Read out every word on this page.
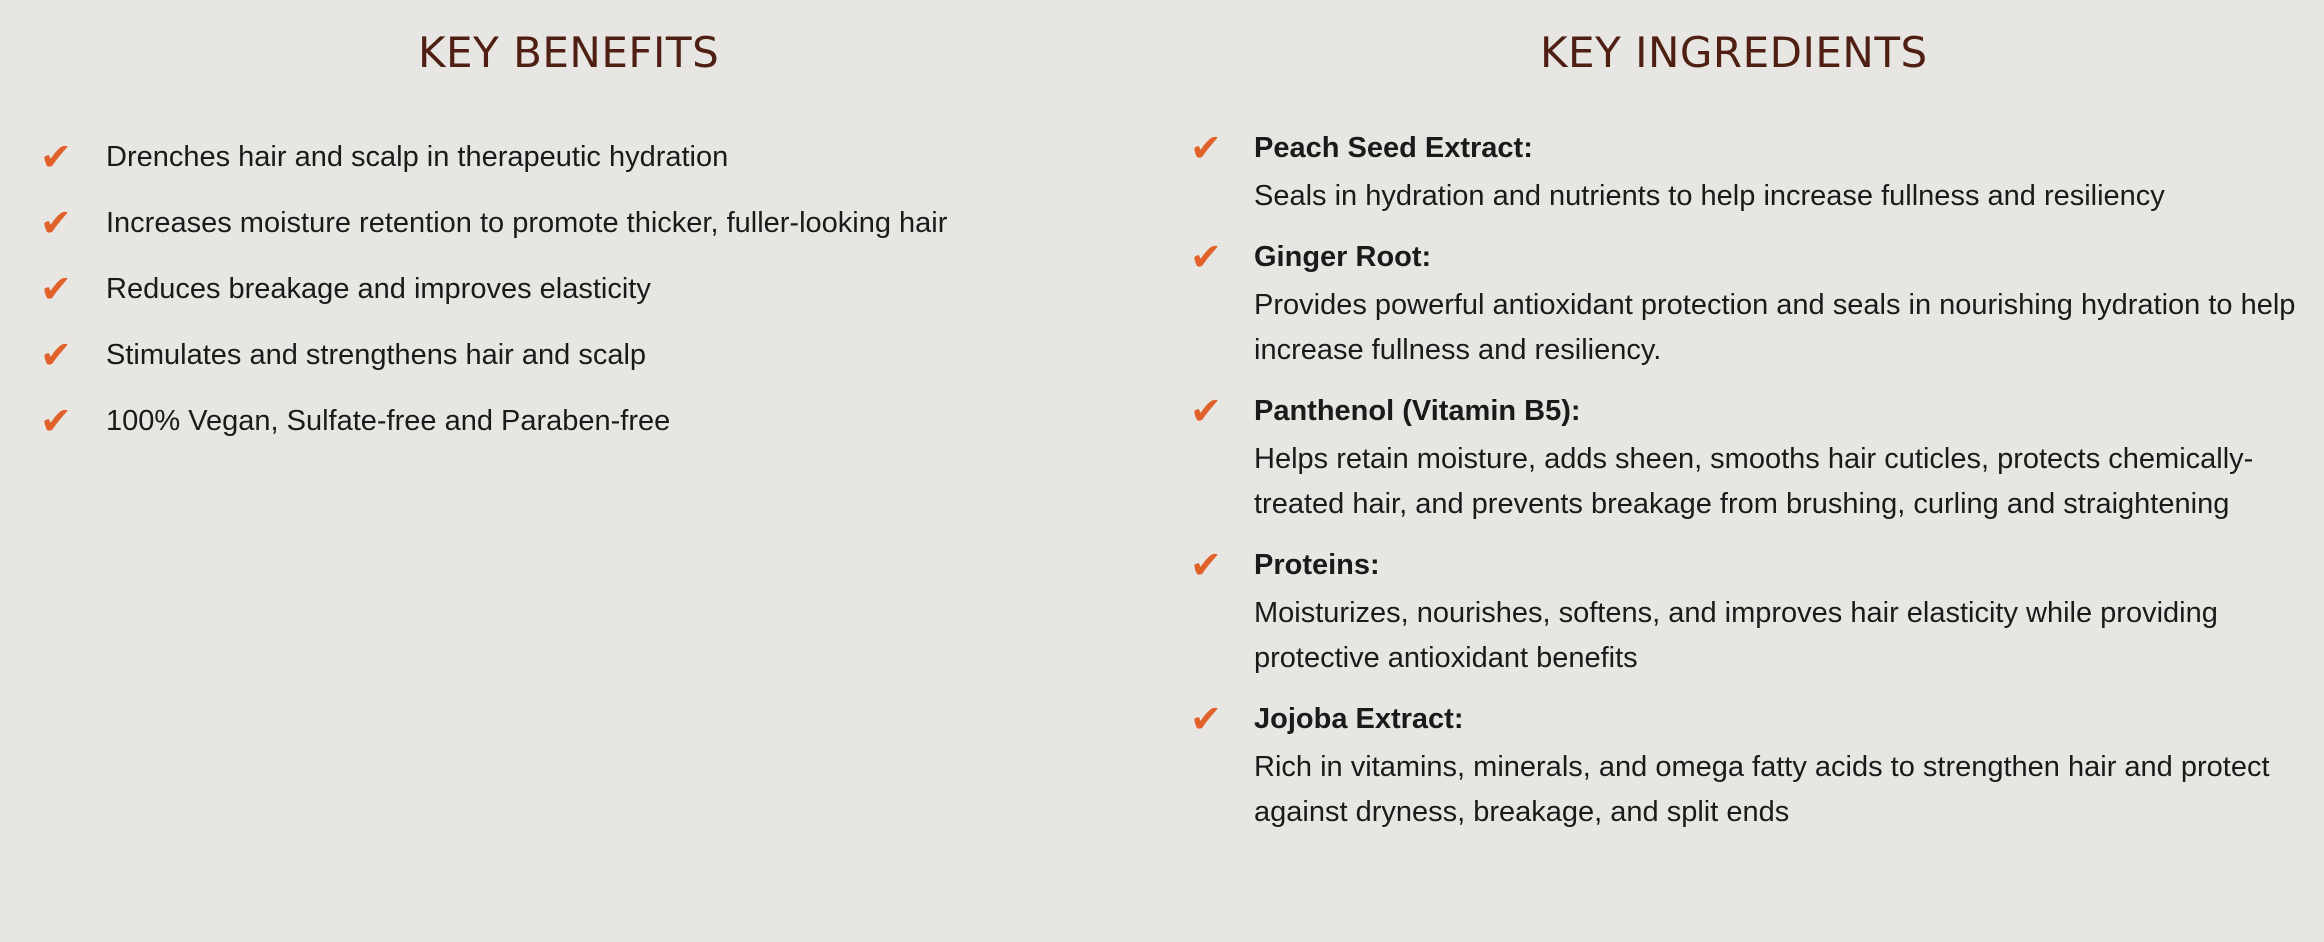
KEY BENEFITS
✔	Drenches hair and scalp in therapeutic hydration
✔	Increases moisture retention to promote thicker, fuller-looking hair
✔	Reduces breakage and improves elasticity
✔	Stimulates and strengthens hair and scalp
✔	100% Vegan, Sulfate-free and Paraben-free
KEY INGREDIENTS
✔	Peach Seed Extract:
Seals in hydration and nutrients to help increase fullness and resiliency
✔	Ginger Root:
Provides powerful antioxidant protection and seals in nourishing hydration to help increase fullness and resiliency.
✔	Panthenol (Vitamin B5):
Helps retain moisture, adds sheen, smooths hair cuticles, protects chemically-treated hair, and prevents breakage from brushing, curling and straightening
✔	Proteins:
Moisturizes, nourishes, softens, and improves hair elasticity while providing protective antioxidant benefits
✔	Jojoba Extract:
Rich in vitamins, minerals, and omega fatty acids to strengthen hair and protect against dryness, breakage, and split ends
